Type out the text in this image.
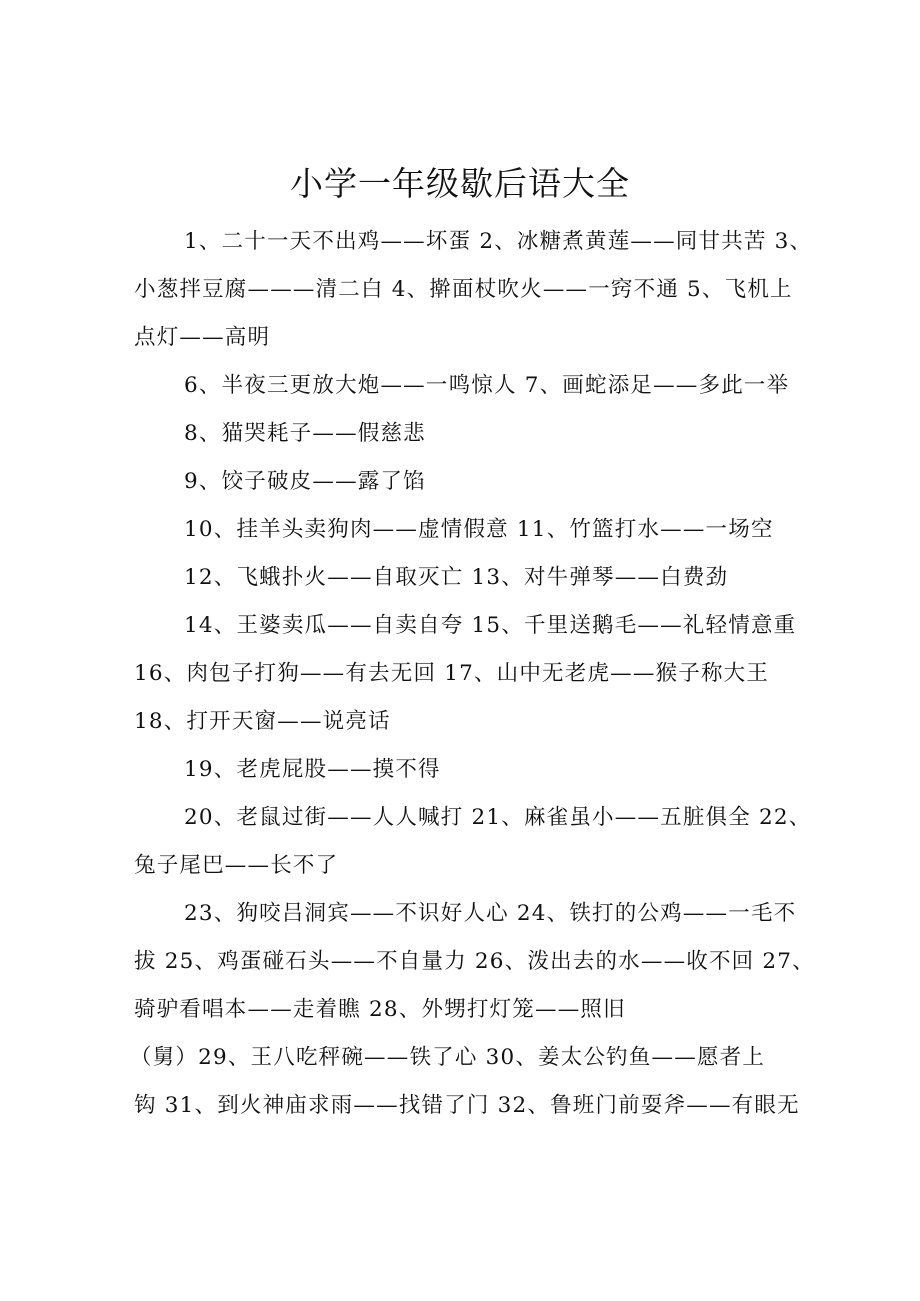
小学一年级歇后语大全
1、二十一天不出鸡——坏蛋 2、冰糖煮黄莲——同甘共苦 3、
小葱拌豆腐———清二白 4、擀面杖吹火——一窍不通 5、飞机上
点灯——高明
6、半夜三更放大炮——一鸣惊人 7、画蛇添足——多此一举
8、猫哭耗子——假慈悲
9、饺子破皮——露了馅
10、挂羊头卖狗肉——虚情假意 11、竹篮打水——一场空
12、飞蛾扑火——自取灭亡 13、对牛弹琴——白费劲
14、王婆卖瓜——自卖自夸 15、千里送鹅毛——礼轻情意重
16、肉包子打狗——有去无回 17、山中无老虎——猴子称大王
18、打开天窗——说亮话
19、老虎屁股——摸不得
20、老鼠过街——人人喊打 21、麻雀虽小——五脏俱全 22、
兔子尾巴——长不了
23、狗咬吕洞宾——不识好人心 24、铁打的公鸡——一毛不
拔 25、鸡蛋碰石头——不自量力 26、泼出去的水——收不回 27、
骑驴看唱本——走着瞧 28、外甥打灯笼——照旧
（舅）29、王八吃秤碗——铁了心 30、姜太公钓鱼——愿者上
钩 31、到火神庙求雨——找错了门 32、鲁班门前耍斧——有眼无
